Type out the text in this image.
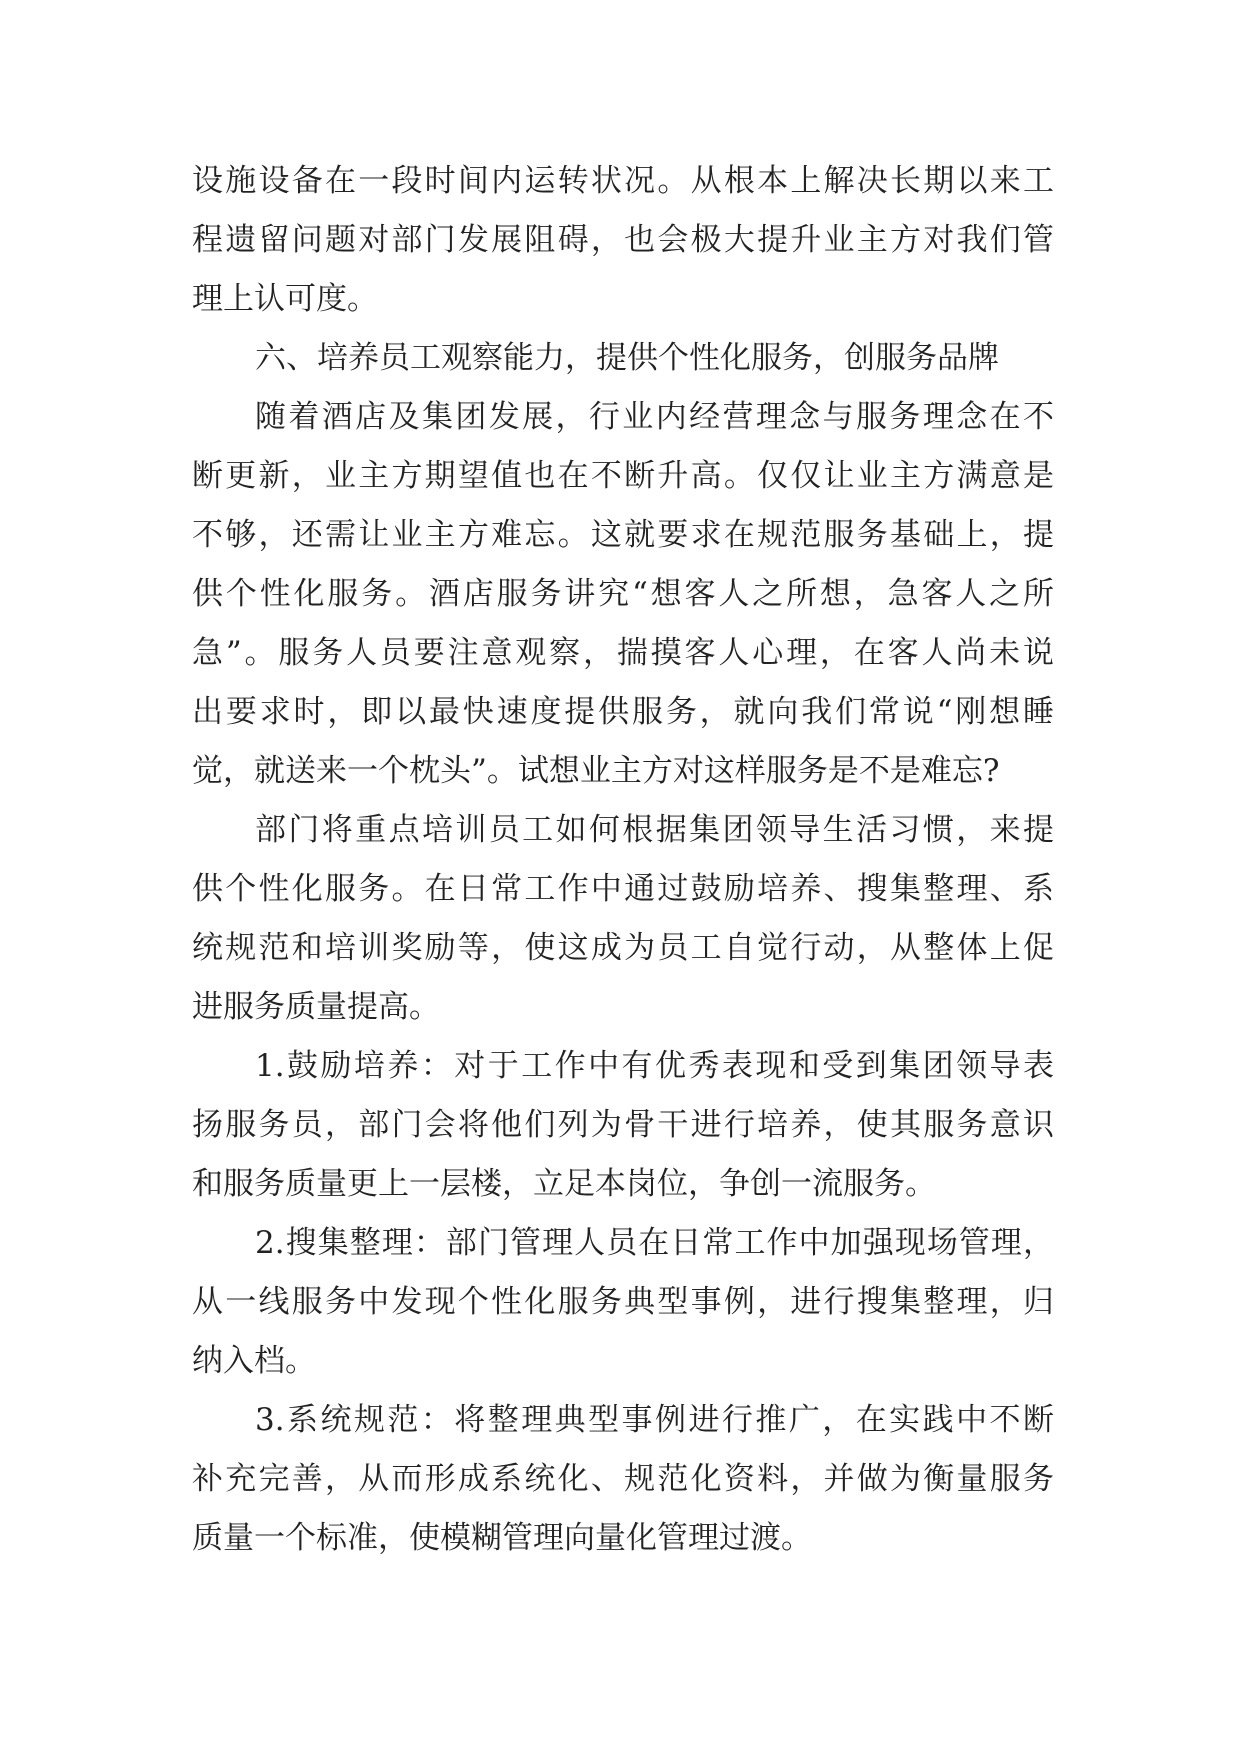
设施设备在一段时间内运转状况。从根本上解决长期以来工
程遗留问题对部门发展阻碍，也会极大提升业主方对我们管
理上认可度。
六、培养员工观察能力，提供个性化服务，创服务品牌
随着酒店及集团发展，行业内经营理念与服务理念在不
断更新，业主方期望值也在不断升高。仅仅让业主方满意是
不够，还需让业主方难忘。这就要求在规范服务基础上，提
供个性化服务。酒店服务讲究“想客人之所想，急客人之所
急”。服务人员要注意观察，揣摸客人心理，在客人尚未说
出要求时，即以最快速度提供服务，就向我们常说“刚想睡
觉，就送来一个枕头”。试想业主方对这样服务是不是难忘?
部门将重点培训员工如何根据集团领导生活习惯，来提
供个性化服务。在日常工作中通过鼓励培养、搜集整理、系
统规范和培训奖励等，使这成为员工自觉行动，从整体上促
进服务质量提高。
1.鼓励培养：对于工作中有优秀表现和受到集团领导表
扬服务员，部门会将他们列为骨干进行培养，使其服务意识
和服务质量更上一层楼，立足本岗位，争创一流服务。
2.搜集整理：部门管理人员在日常工作中加强现场管理，
从一线服务中发现个性化服务典型事例，进行搜集整理，归
纳入档。
3.系统规范：将整理典型事例进行推广，在实践中不断
补充完善，从而形成系统化、规范化资料，并做为衡量服务
质量一个标准，使模糊管理向量化管理过渡。
